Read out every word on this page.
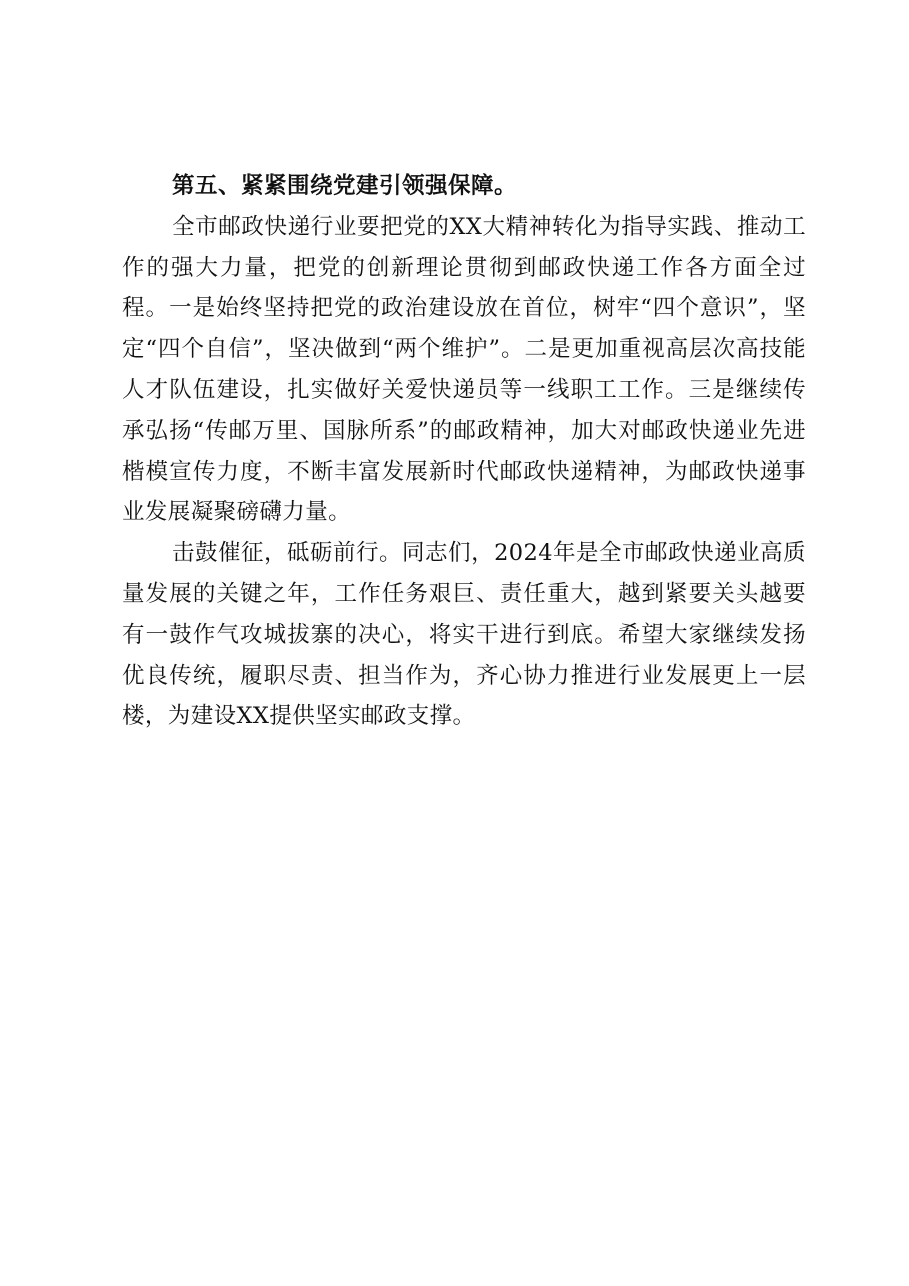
第五、紧紧围绕党建引领强保障。

全市邮政快递行业要把党的XX大精神转化为指导实践、推动工作的强大力量，把党的创新理论贯彻到邮政快递工作各方面全过程。一是始终坚持把党的政治建设放在首位，树牢“四个意识”，坚定“四个自信”，坚决做到“两个维护”。二是更加重视高层次高技能人才队伍建设，扎实做好关爱快递员等一线职工工作。三是继续传承弘扬“传邮万里、国脉所系”的邮政精神，加大对邮政快递业先进楷模宣传力度，不断丰富发展新时代邮政快递精神，为邮政快递事业发展凝聚磅礴力量。

击鼓催征，砥砺前行。同志们，2024年是全市邮政快递业高质量发展的关键之年，工作任务艰巨、责任重大，越到紧要关头越要有一鼓作气攻城拔寨的决心，将实干进行到底。希望大家继续发扬优良传统，履职尽责、担当作为，齐心协力推进行业发展更上一层楼，为建设XX提供坚实邮政支撑。
